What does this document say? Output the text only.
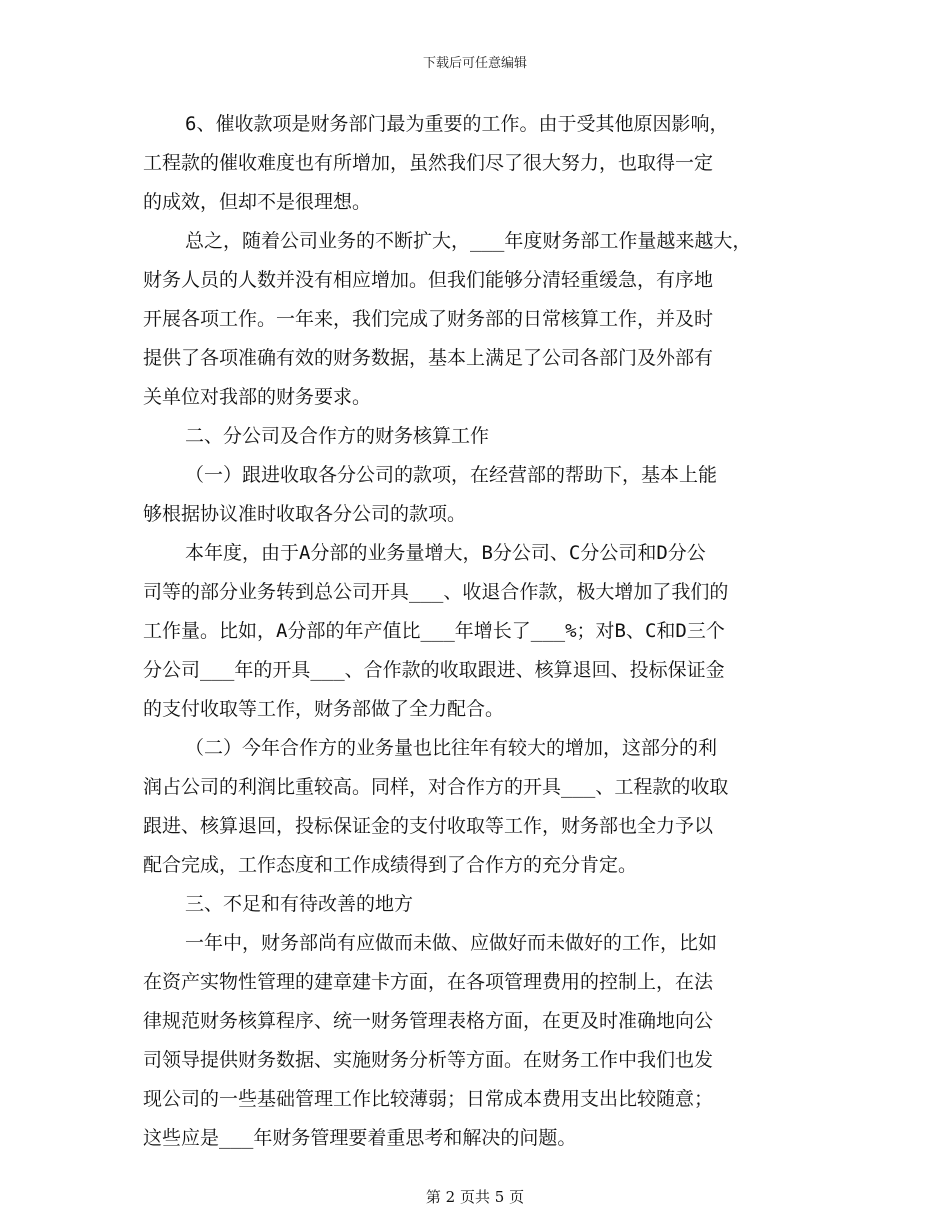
下载后可任意编辑
6、催收款项是财务部门最为重要的工作。由于受其他原因影响，
工程款的催收难度也有所增加，虽然我们尽了很大努力，也取得一定
的成效，但却不是很理想。
总之，随着公司业务的不断扩大，___年度财务部工作量越来越大，
财务人员的人数并没有相应增加。但我们能够分清轻重缓急，有序地
开展各项工作。一年来，我们完成了财务部的日常核算工作，并及时
提供了各项准确有效的财务数据，基本上满足了公司各部门及外部有
关单位对我部的财务要求。
二、分公司及合作方的财务核算工作
（一）跟进收取各分公司的款项，在经营部的帮助下，基本上能
够根据协议准时收取各分公司的款项。
本年度，由于A分部的业务量增大，B分公司、C分公司和D分公
司等的部分业务转到总公司开具___、收退合作款，极大增加了我们的
工作量。比如，A分部的年产值比___年增长了___%；对B、C和D三个
分公司___年的开具___、合作款的收取跟进、核算退回、投标保证金
的支付收取等工作，财务部做了全力配合。
（二）今年合作方的业务量也比往年有较大的增加，这部分的利
润占公司的利润比重较高。同样，对合作方的开具___、工程款的收取
跟进、核算退回，投标保证金的支付收取等工作，财务部也全力予以
配合完成，工作态度和工作成绩得到了合作方的充分肯定。
三、不足和有待改善的地方
一年中，财务部尚有应做而未做、应做好而未做好的工作，比如
在资产实物性管理的建章建卡方面，在各项管理费用的控制上，在法
律规范财务核算程序、统一财务管理表格方面，在更及时准确地向公
司领导提供财务数据、实施财务分析等方面。在财务工作中我们也发
现公司的一些基础管理工作比较薄弱；日常成本费用支出比较随意；
这些应是___年财务管理要着重思考和解决的问题。
第 2 页共 5 页
